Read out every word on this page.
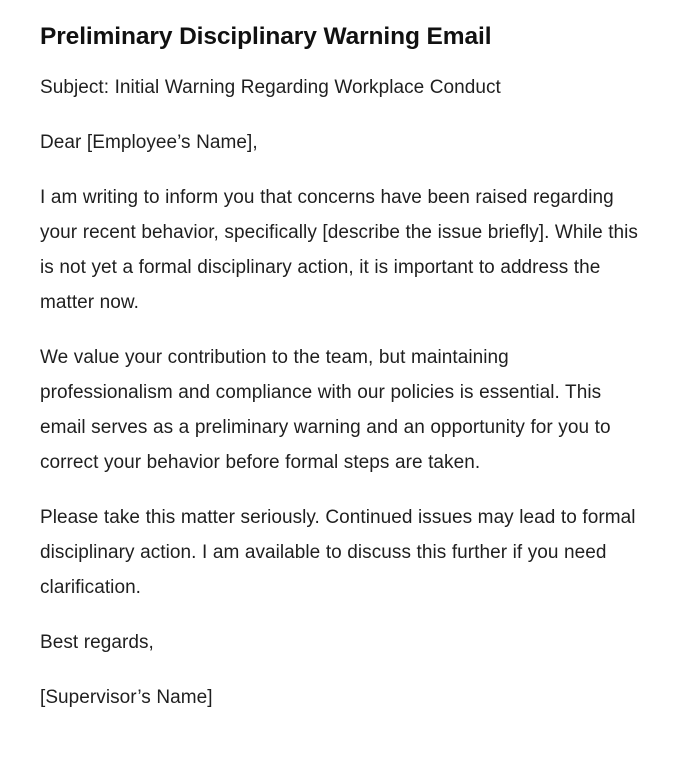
Preliminary Disciplinary Warning Email

Subject: Initial Warning Regarding Workplace Conduct

Dear [Employee’s Name],

I am writing to inform you that concerns have been raised regarding your recent behavior, specifically [describe the issue briefly]. While this is not yet a formal disciplinary action, it is important to address the matter now.

We value your contribution to the team, but maintaining professionalism and compliance with our policies is essential. This email serves as a preliminary warning and an opportunity for you to correct your behavior before formal steps are taken.

Please take this matter seriously. Continued issues may lead to formal disciplinary action. I am available to discuss this further if you need clarification.

Best regards,

[Supervisor’s Name]
